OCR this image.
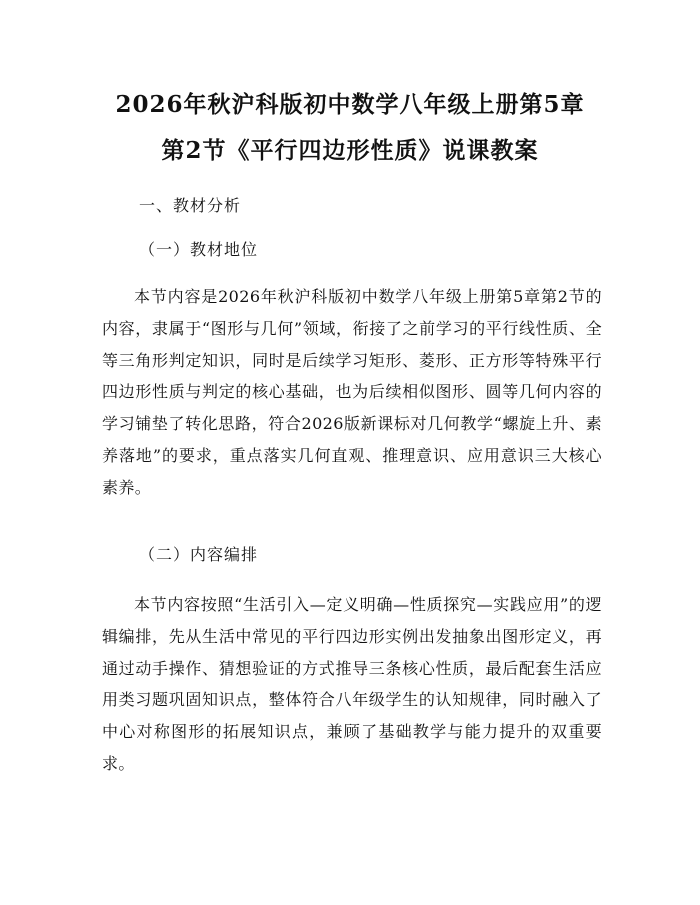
2026年秋沪科版初中数学八年级上册第5章
第2节《平行四边形性质》说课教案
一、教材分析
（一）教材地位

本节内容是2026年秋沪科版初中数学八年级上册第5章第2节的内容，隶属于“图形与几何”领域，衔接了之前学习的平行线性质、全等三角形判定知识，同时是后续学习矩形、菱形、正方形等特殊平行四边形性质与判定的核心基础，也为后续相似图形、圆等几何内容的学习铺垫了转化思路，符合2026版新课标对几何教学“螺旋上升、素养落地”的要求，重点落实几何直观、推理意识、应用意识三大核心素养。

（二）内容编排

本节内容按照“生活引入—定义明确—性质探究—实践应用”的逻辑编排，先从生活中常见的平行四边形实例出发抽象出图形定义，再通过动手操作、猜想验证的方式推导三条核心性质，最后配套生活应用类习题巩固知识点，整体符合八年级学生的认知规律，同时融入了中心对称图形的拓展知识点，兼顾了基础教学与能力提升的双重要求。
